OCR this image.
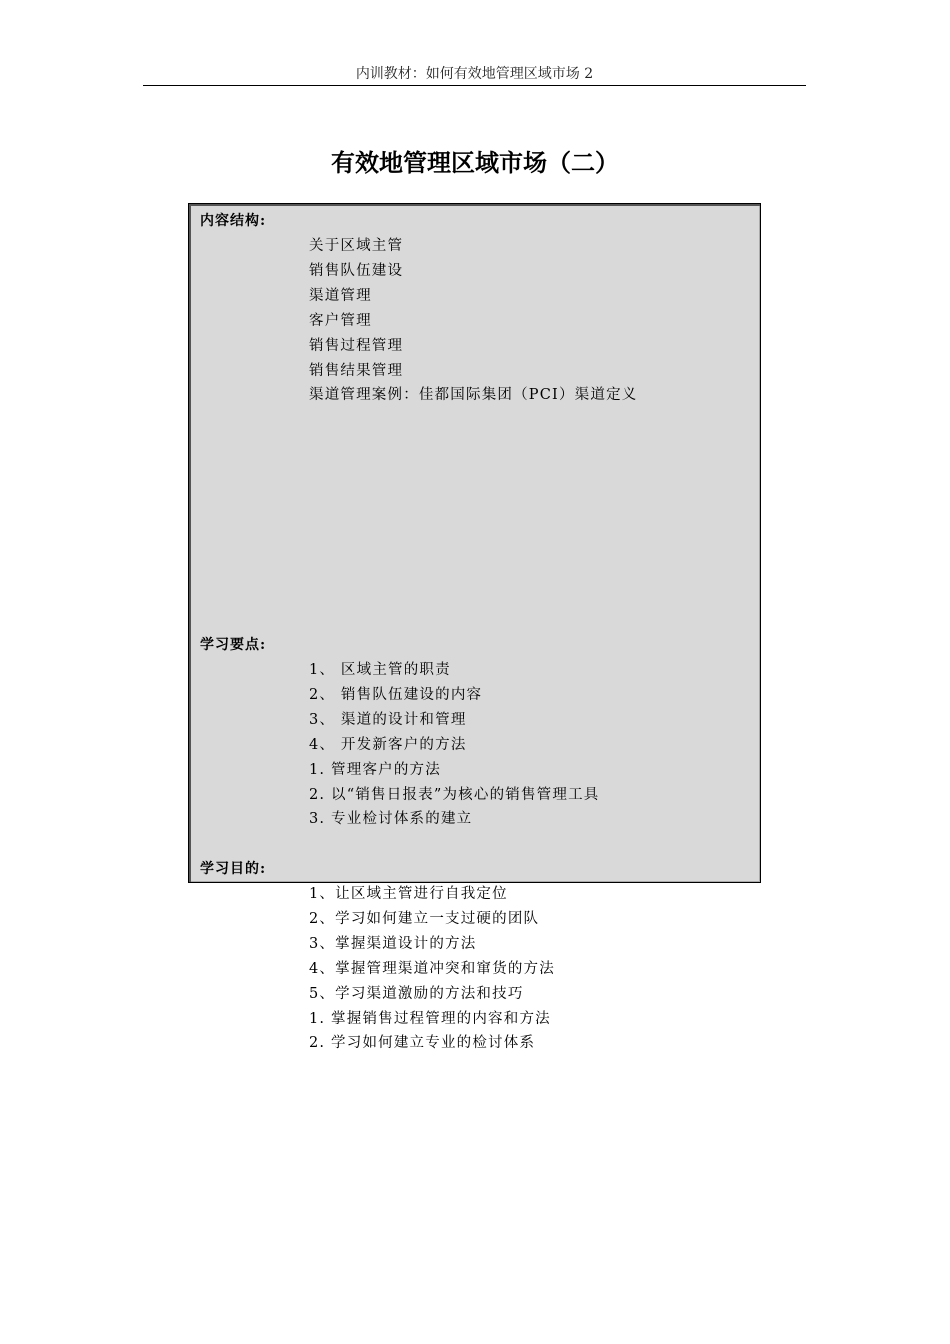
内训教材：如何有效地管理区域市场 2
有效地管理区域市场（二）
内容结构:
关于区域主管
销售队伍建设
渠道管理
客户管理
销售过程管理
销售结果管理
渠道管理案例：佳都国际集团（PCI）渠道定义
学习要点:
1、 区域主管的职责
2、 销售队伍建设的内容
3、 渠道的设计和管理
4、 开发新客户的方法
1. 管理客户的方法
2. 以“销售日报表”为核心的销售管理工具
3. 专业检讨体系的建立
学习目的:
1、让区域主管进行自我定位
2、学习如何建立一支过硬的团队
3、掌握渠道设计的方法
4、掌握管理渠道冲突和窜货的方法
5、学习渠道激励的方法和技巧
1. 掌握销售过程管理的内容和方法
2. 学习如何建立专业的检讨体系
